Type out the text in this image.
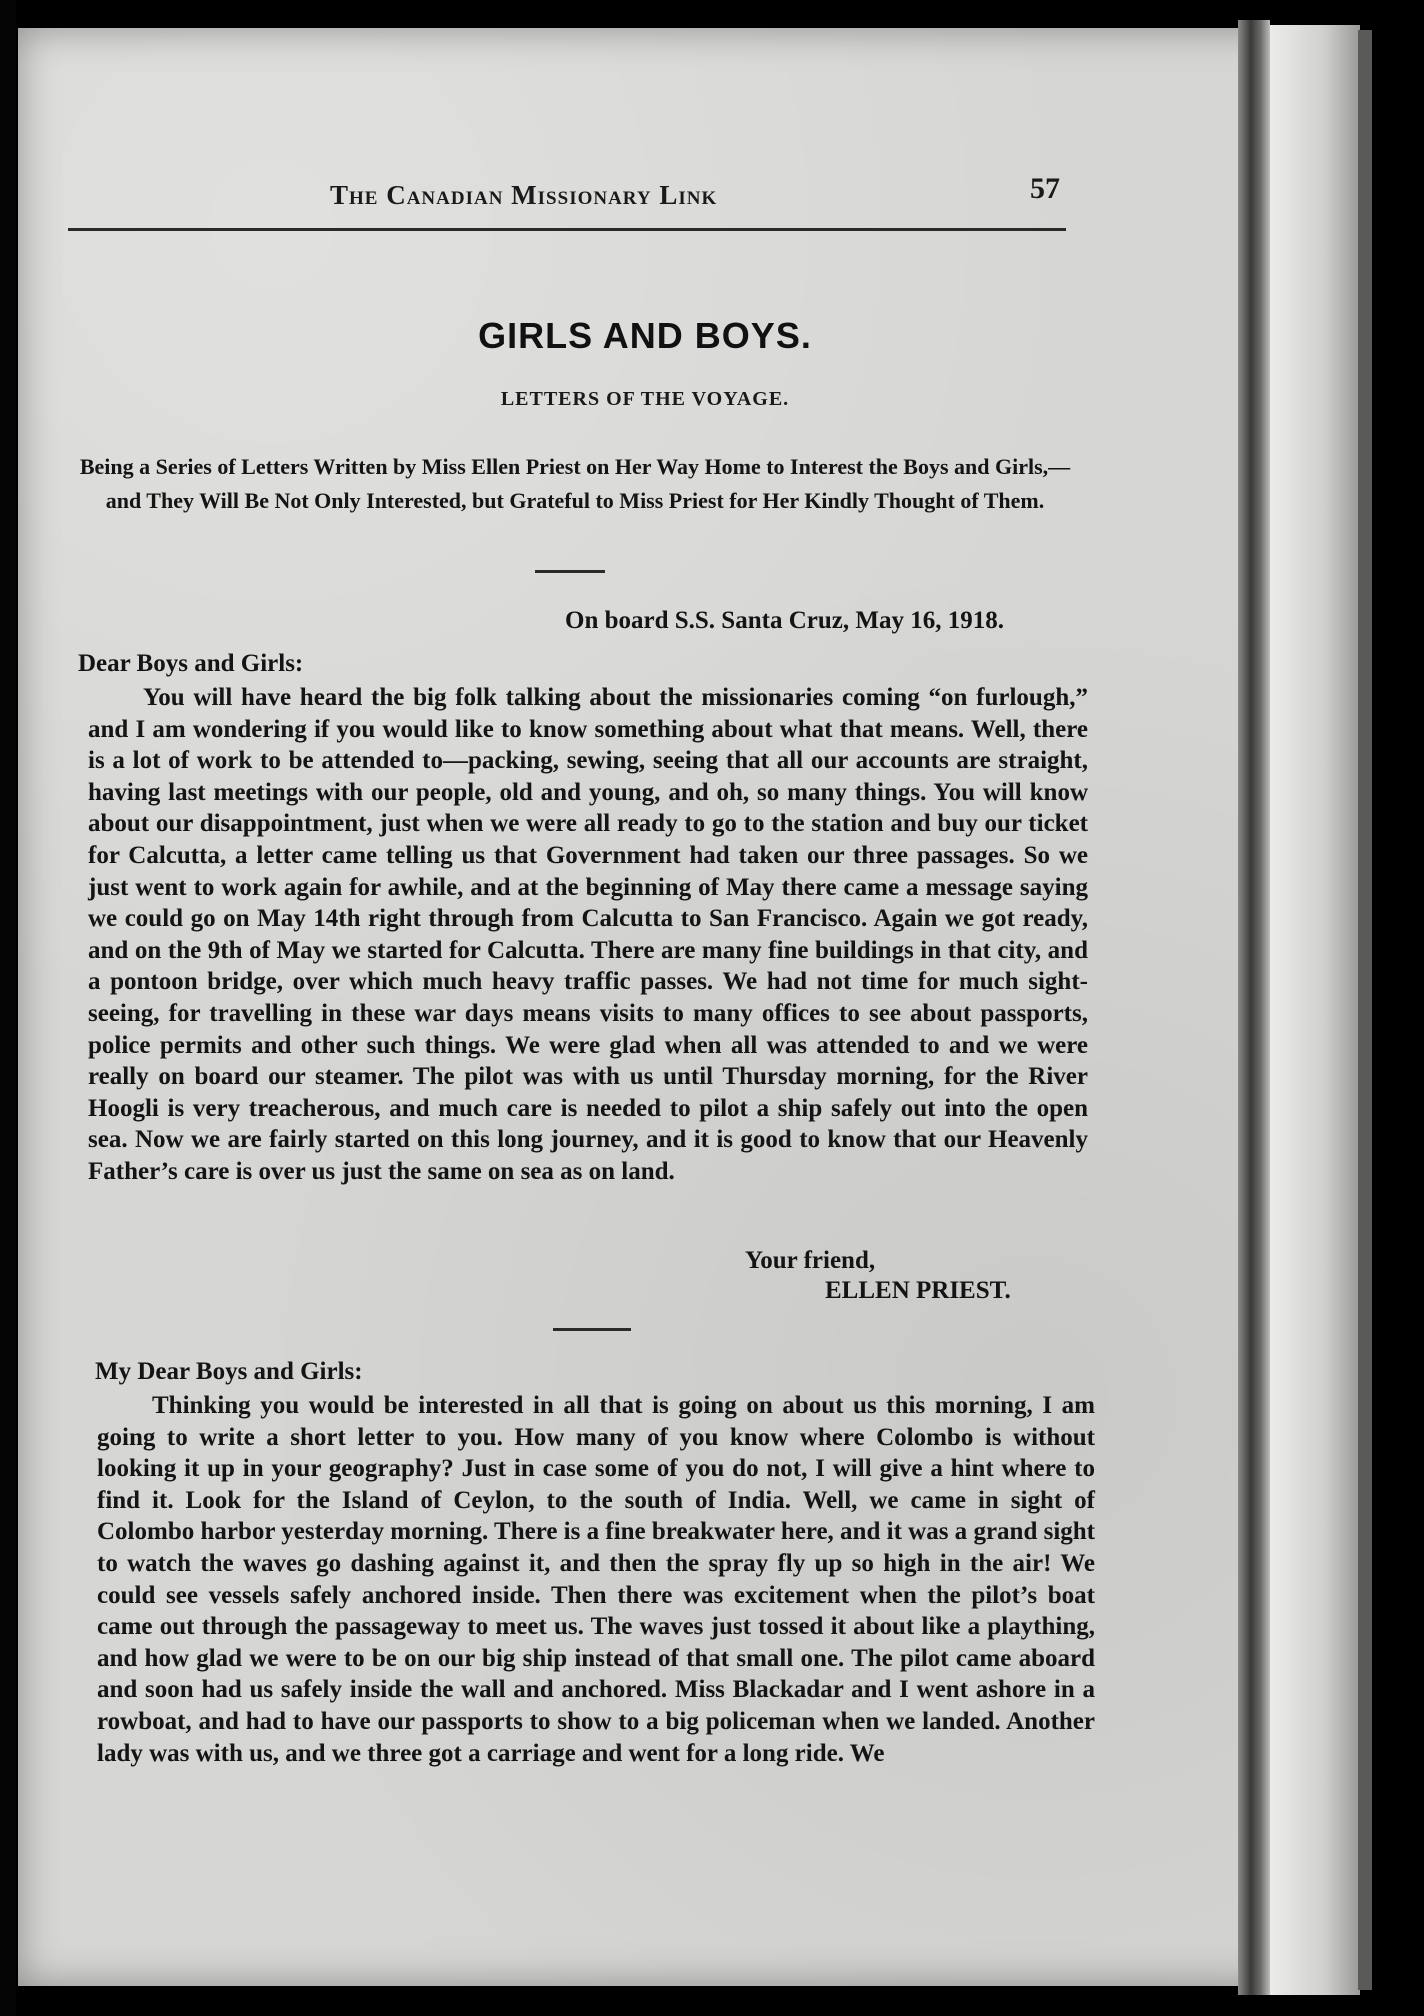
The Canadian Missionary Link	57
GIRLS AND BOYS.
LETTERS OF THE VOYAGE.
Being a Series of Letters Written by Miss Ellen Priest on Her Way Home to Interest the Boys and Girls,—and They Will Be Not Only Interested, but Grateful to Miss Priest for Her Kindly Thought of Them.
On board S.S. Santa Cruz, May 16, 1918.
Dear Boys and Girls:

You will have heard the big folk talking about the missionaries coming “on furlough,” and I am wondering if you would like to know something about what that means. Well, there is a lot of work to be attended to—packing, sewing, seeing that all our accounts are straight, having last meetings with our people, old and young, and oh, so many things. You will know about our disappointment, just when we were all ready to go to the station and buy our ticket for Calcutta, a letter came telling us that Government had taken our three passages. So we just went to work again for awhile, and at the beginning of May there came a message saying we could go on May 14th right through from Calcutta to San Francisco. Again we got ready, and on the 9th of May we started for Calcutta. There are many fine buildings in that city, and a pontoon bridge, over which much heavy traffic passes. We had not time for much sight-seeing, for travelling in these war days means visits to many offices to see about passports, police permits and other such things. We were glad when all was attended to and we were really on board our steamer. The pilot was with us until Thursday morning, for the River Hoogli is very treacherous, and much care is needed to pilot a ship safely out into the open sea. Now we are fairly started on this long journey, and it is good to know that our Heavenly Father’s care is over us just the same on sea as on land.

Your friend,
ELLEN PRIEST.
My Dear Boys and Girls:

Thinking you would be interested in all that is going on about us this morning, I am going to write a short letter to you. How many of you know where Colombo is without looking it up in your geography? Just in case some of you do not, I will give a hint where to find it. Look for the Island of Ceylon, to the south of India. Well, we came in sight of Colombo harbor yesterday morning. There is a fine breakwater here, and it was a grand sight to watch the waves go dashing against it, and then the spray fly up so high in the air! We could see vessels safely anchored inside. Then there was excitement when the pilot’s boat came out through the passageway to meet us. The waves just tossed it about like a plaything, and how glad we were to be on our big ship instead of that small one. The pilot came aboard and soon had us safely inside the wall and anchored. Miss Blackadar and I went ashore in a rowboat, and had to have our passports to show to a big policeman when we landed. Another lady was with us, and we three got a carriage and went for a long ride. We
